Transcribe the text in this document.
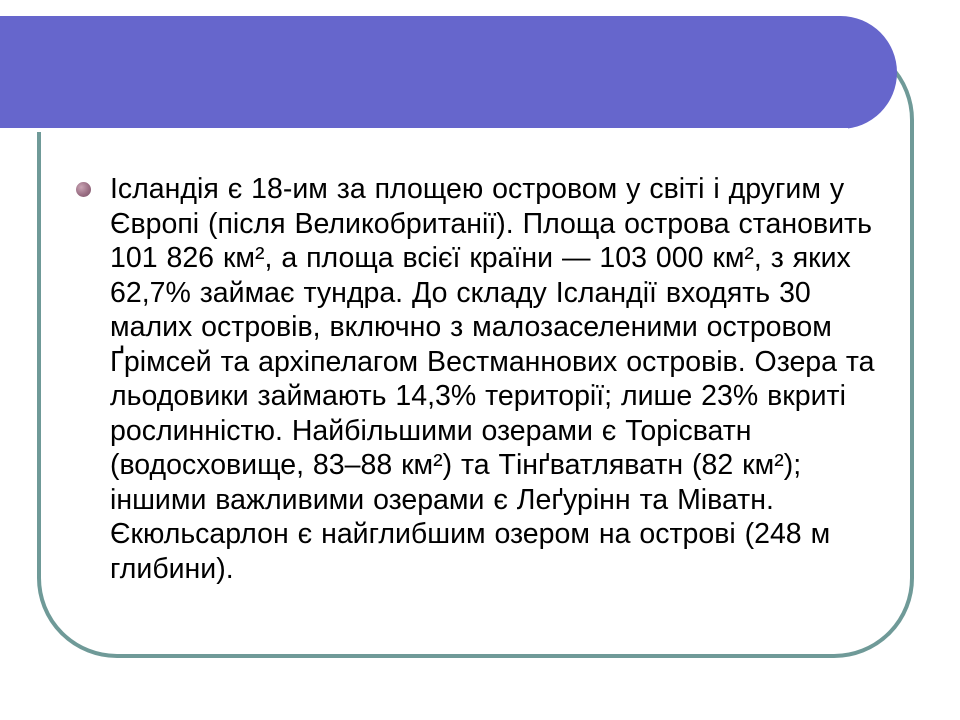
Ісландія є 18-им за площею островом у світі і другим у Європі (після Великобританії). Площа острова становить 101 826 км², а площа всієї країни — 103 000 км², з яких 62,7% займає тундра. До складу Ісландії входять 30 малих островів, включно з малозаселеними островом Ґрімсей та архіпелагом Вестманнових островів. Озера та льодовики займають 14,3% території; лише 23% вкриті рослинністю. Найбільшими озерами є Торісватн (водосховище, 83–88 км²) та Тінґватляватн (82 км²); іншими важливими озерами є Леґурінн та Міватн. Єкюльсарлон є найглибшим озером на острові (248 м глибини).
